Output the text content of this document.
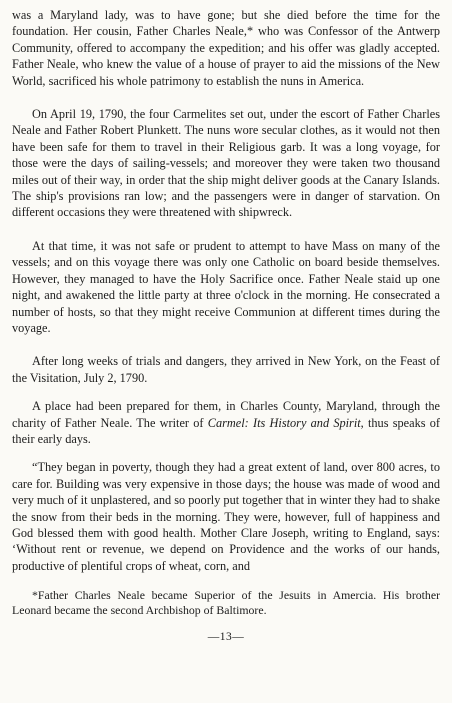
was a Maryland lady, was to have gone; but she died before the time for the foundation. Her cousin, Father Charles Neale,* who was Confessor of the Antwerp Community, offered to accompany the expedition; and his offer was gladly accepted. Father Neale, who knew the value of a house of prayer to aid the missions of the New World, sacrificed his whole patrimony to establish the nuns in America.

On April 19, 1790, the four Carmelites set out, under the escort of Father Charles Neale and Father Robert Plunkett. The nuns wore secular clothes, as it would not then have been safe for them to travel in their Religious garb. It was a long voyage, for those were the days of sailing-vessels; and moreover they were taken two thousand miles out of their way, in order that the ship might deliver goods at the Canary Islands. The ship's provisions ran low; and the passengers were in danger of starvation. On different occasions they were threatened with shipwreck.

At that time, it was not safe or prudent to attempt to have Mass on many of the vessels; and on this voyage there was only one Catholic on board beside themselves. However, they managed to have the Holy Sacrifice once. Father Neale staid up one night, and awakened the little party at three o'clock in the morning. He consecrated a number of hosts, so that they might receive Communion at different times during the voyage.

After long weeks of trials and dangers, they arrived in New York, on the Feast of the Visitation, July 2, 1790.

A place had been prepared for them, in Charles County, Maryland, through the charity of Father Neale. The writer of Carmel: Its History and Spirit, thus speaks of their early days.

“They began in poverty, though they had a great extent of land, over 800 acres, to care for. Building was very expensive in those days; the house was made of wood and very much of it unplastered, and so poorly put together that in winter they had to shake the snow from their beds in the morning. They were, however, full of happiness and God blessed them with good health. Mother Clare Joseph, writing to England, says: ‘Without rent or revenue, we depend on Providence and the works of our hands, productive of plentiful crops of wheat, corn, and

*Father Charles Neale became Superior of the Jesuits in Amercia. His brother Leonard became the second Archbishop of Baltimore.

—13—
